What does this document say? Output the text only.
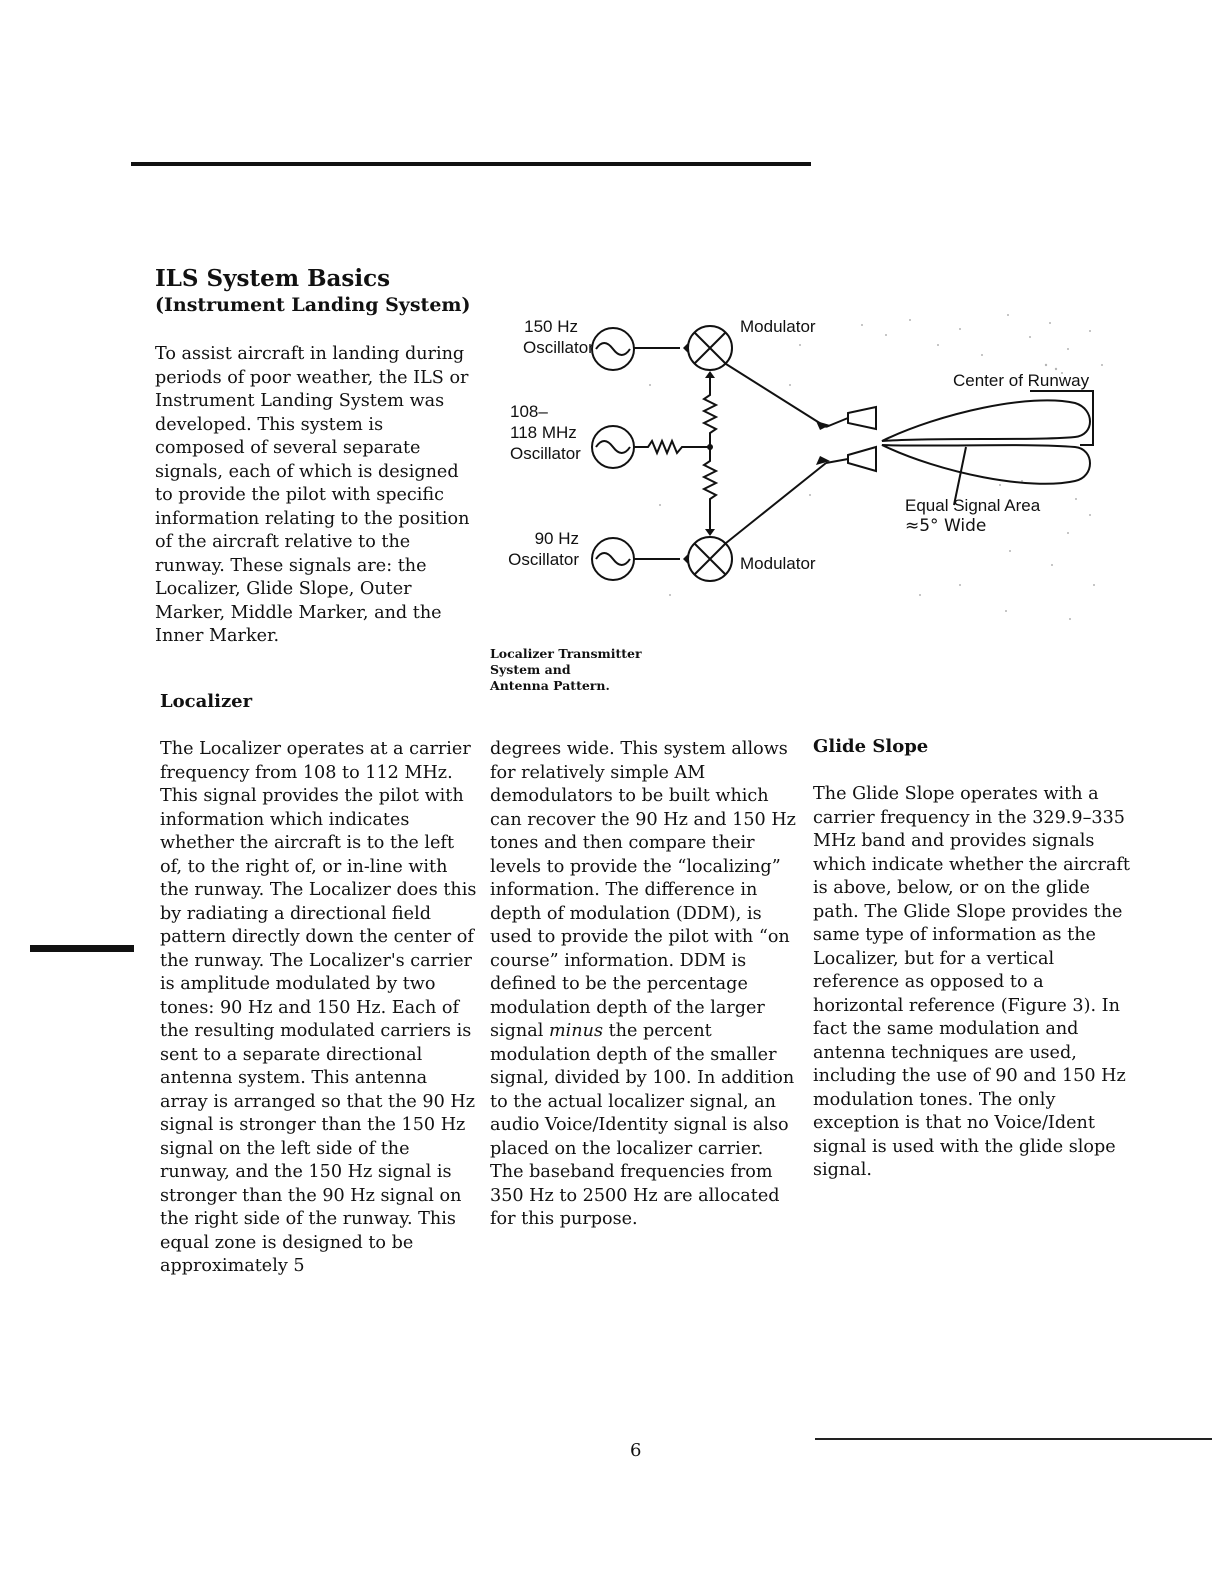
ILS System Basics
(Instrument Landing System)

To assist aircraft in landing during periods of poor weather, the ILS or Instrument Landing System was developed. This system is composed of several separate signals, each of which is designed to provide the pilot with specific information relating to the position of the aircraft relative to the runway. These signals are: the Localizer, Glide Slope, Outer Marker, Middle Marker, and the Inner Marker.

150 Hz
Oscillator
108–
118 MHz
Oscillator
90 Hz
Oscillator
Modulator
Modulator
Center of Runway
Equal Signal Area
≈5° Wide
Localizer Transmitter
System and
Antenna Pattern.
Localizer

The Localizer operates at a carrier frequency from 108 to 112 MHz. This signal provides the pilot with information which indicates whether the aircraft is to the left of, to the right of, or in-line with the runway. The Localizer does this by radiating a directional field pattern directly down the center of the runway. The Localizer's carrier is amplitude modulated by two tones: 90 Hz and 150 Hz. Each of the resulting modulated carriers is sent to a separate directional antenna system. This antenna array is arranged so that the 90 Hz signal is stronger than the 150 Hz signal on the left side of the runway, and the 150 Hz signal is stronger than the 90 Hz signal on the right side of the runway. This equal zone is designed to be approximately 5

degrees wide. This system allows for relatively simple AM demodulators to be built which can recover the 90 Hz and 150 Hz tones and then compare their levels to provide the “localizing” information. The difference in depth of modulation (DDM), is used to provide the pilot with “on course” information. DDM is defined to be the percentage modulation depth of the larger signal minus the percent modulation depth of the smaller signal, divided by 100. In addition to the actual localizer signal, an audio Voice/Identity signal is also placed on the localizer carrier. The baseband frequencies from 350 Hz to 2500 Hz are allocated for this purpose.

Glide Slope

The Glide Slope operates with a carrier frequency in the 329.9–335 MHz band and provides signals which indicate whether the aircraft is above, below, or on the glide path. The Glide Slope provides the same type of information as the Localizer, but for a vertical reference as opposed to a horizontal reference (Figure 3). In fact the same modulation and antenna techniques are used, including the use of 90 and 150 Hz modulation tones. The only exception is that no Voice/Ident signal is used with the glide slope signal.

6
